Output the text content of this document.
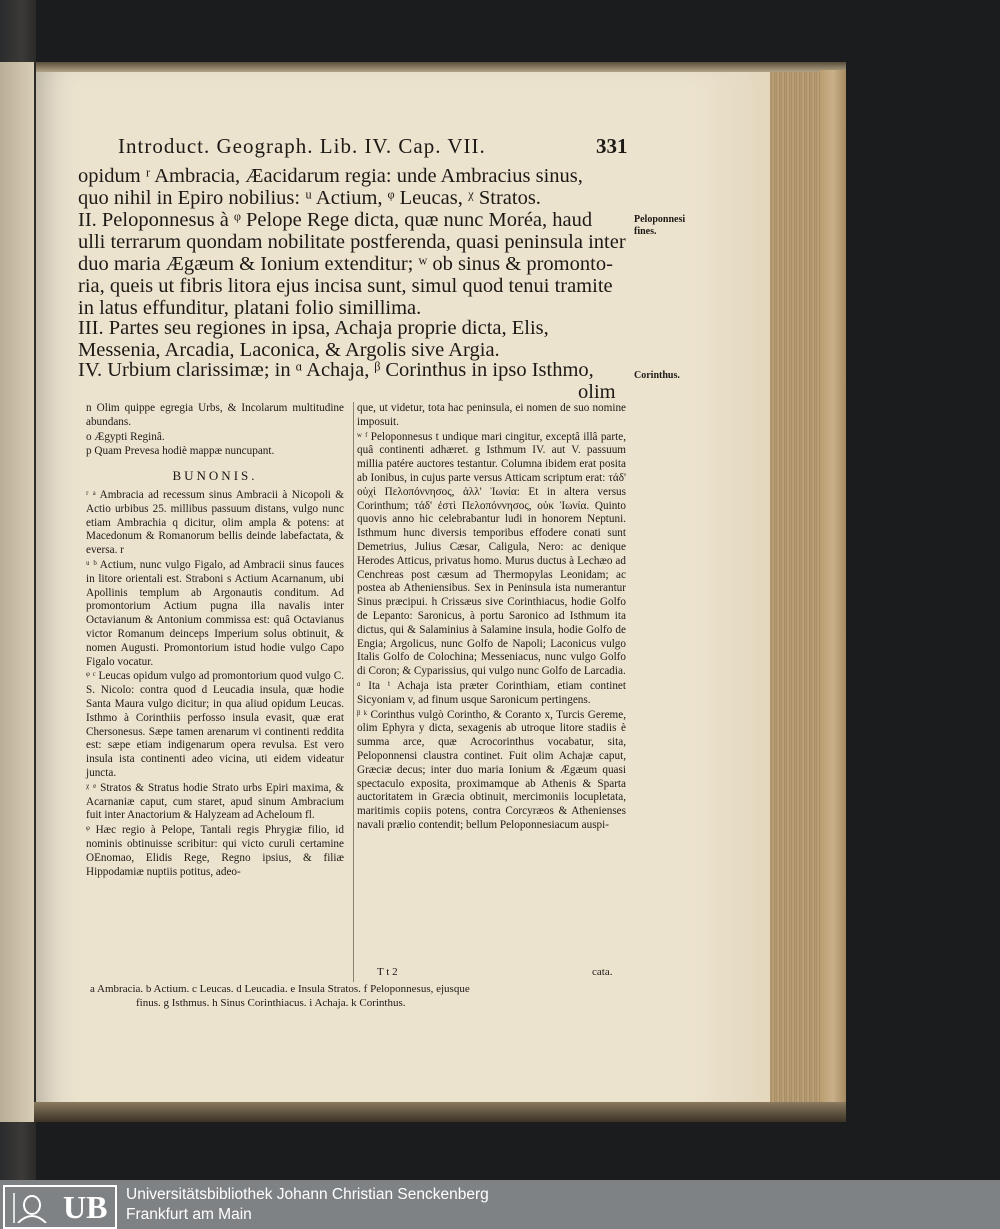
Introduct. Geograph. Lib. IV. Cap. VII.	331
opidum ʳ Ambracia, Æacidarum regia: unde Ambracius sinus,
quo nihil in Epiro nobilius: ᵘ Actium, ᵠ Leucas, ᵡ Stratos.
II. Peloponnesus à ᵠ Pelope Rege dicta, quæ nunc Moréa, haud
ulli terrarum quondam nobilitate postferenda, quasi peninsula inter
duo maria Ægæum & Ionium extenditur; ʷ ob sinus & promonto-
ria, queis ut fibris litora ejus incisa sunt, simul quod tenui tramite
in latus effunditur, platani folio simillima.
III. Partes seu regiones in ipsa, Achaja proprie dicta, Elis,
Messenia, Arcadia, Laconica, & Argolis sive Argia.
IV. Urbium clarissimæ; in ᵅ Achaja, ᵝ Corinthus in ipso Isthmo,
olim
Peloponnesi fines.
Corinthus.

n Olim quippe egregia Urbs, & Incolarum multitudine abundans.

o Ægypti Reginâ.

p Quam Prevesa hodiè mappæ nuncupant.

BUNONIS.

ʳ ᵃ Ambracia ad recessum sinus Ambracii à Nicopoli & Actio urbibus 25. millibus passuum distans, vulgo nunc etiam Ambrachia q dicitur, olim ampla & potens: at Macedonum & Romanorum bellis deinde labefactata, & eversa. r

ᵘ ᵇ Actium, nunc vulgo Figalo, ad Ambracii sinus fauces in litore orientali est. Straboni s Actium Acarnanum, ubi Apollinis templum ab Argonautis conditum. Ad promontorium Actium pugna illa navalis inter Octavianum & Antonium commissa est: quâ Octavianus victor Romanum deinceps Imperium solus obtinuit, & nomen Augusti. Promontorium istud hodie vulgo Capo Figalo vocatur.

ᵠ ᶜ Leucas opidum vulgo ad promontorium quod vulgo C. S. Nicolo: contra quod d Leucadia insula, quæ hodie Santa Maura vulgo dicitur; in qua aliud opidum Leucas. Isthmo à Corinthiis perfosso insula evasit, quæ erat Chersonesus. Sæpe tamen arenarum vi continenti reddita est: sæpe etiam indigenarum opera revulsa. Est vero insula ista continenti adeo vicina, uti eidem videatur juncta.

ᵡ ᵉ Stratos & Stratus hodie Strato urbs Epiri maxima, & Acarnaniæ caput, cum staret, apud sinum Ambracium fuit inter Anactorium & Halyzeam ad Acheloum fl.

ᵠ Hæc regio à Pelope, Tantali regis Phrygiæ filio, id nominis obtinuisse scribitur: qui victo curuli certamine OEnomao, Elidis Rege, Regno ipsius, & filiæ Hippodamiæ nuptiis potitus, adeo-

que, ut videtur, tota hac peninsula, ei nomen de suo nomine imposuit.

ʷ ᶠ Peloponnesus t undique mari cingitur, exceptâ illâ parte, quâ continenti adhæret. g Isthmum IV. aut V. passuum millia patére auctores testantur. Columna ibidem erat posita ab Ionibus, in cujus parte versus Atticam scriptum erat: τάδ' οὐχὶ Πελοπόννησος, ἀλλ' Ἰωνία: Et in altera versus Corinthum; τάδ' ἐστὶ Πελοπόννησος, οὐκ Ἰωνία. Quinto quovis anno hic celebrabantur ludi in honorem Neptuni. Isthmum hunc diversis temporibus effodere conati sunt Demetrius, Julius Cæsar, Caligula, Nero: ac denique Herodes Atticus, privatus homo. Murus ductus à Lechæo ad Cenchreas post cæsum ad Thermopylas Leonidam; ac postea ab Atheniensibus. Sex in Peninsula ista numerantur Sinus præcipui. h Crissæus sive Corinthiacus, hodie Golfo de Lepanto: Saronicus, à portu Saronico ad Isthmum ita dictus, qui & Salaminius à Salamine insula, hodie Golfo de Engia; Argolicus, nunc Golfo de Napoli; Laconicus vulgo Italis Golfo de Colochina; Messeniacus, nunc vulgo Golfo di Coron; & Cyparissius, qui vulgo nunc Golfo de Larcadia.

ᵅ Ita ⁱ Achaja ista præter Corinthiam, etiam continet Sicyoniam v, ad finum usque Saronicum pertingens.

ᵝ ᵏ Corinthus vulgò Corintho, & Coranto x, Turcis Gereme, olim Ephyra y dicta, sexagenis ab utroque litore stadiis è summa arce, quæ Acrocorinthus vocabatur, sita, Peloponnensi claustra continet. Fuit olim Achajæ caput, Græciæ decus; inter duo maria Ionium & Ægæum quasi spectaculo exposita, proximamque ab Athenis & Sparta auctoritatem in Græcia obtinuit, mercimoniis locupletata, maritimis copiis potens, contra Corcyræos & Athenienses navali prælio contendit; bellum Peloponnesiacum auspi-

T t 2	cata.
a Ambracia. b Actium. c Leucas. d Leucadia. e Insula Stratos. f Peloponnesus, ejusque
finus. g Isthmus. h Sinus Corinthiacus. i Achaja. k Corinthus.
UB Universitätsbibliothek Johann Christian Senckenberg
Frankfurt am Main
